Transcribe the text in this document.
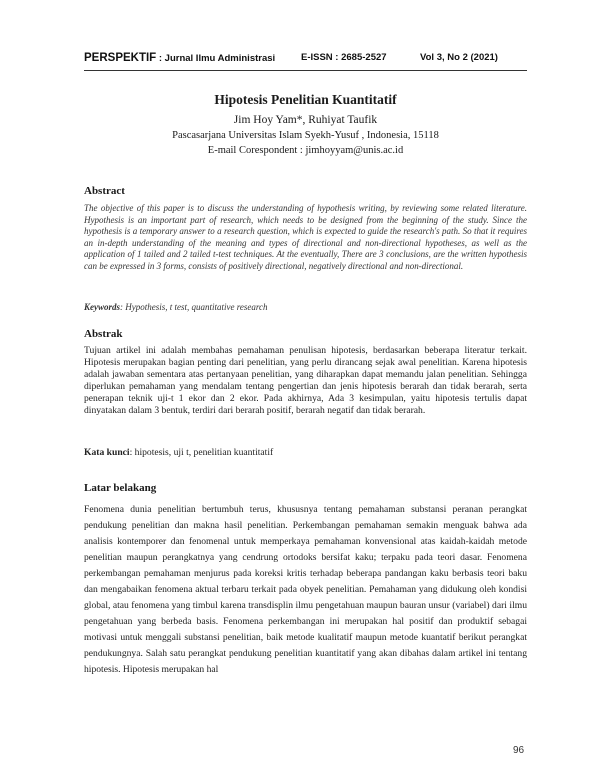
PERSPEKTIF : Jurnal Ilmu Administrasi	E-ISSN : 2685-2527	Vol 3, No 2 (2021)
Hipotesis Penelitian Kuantitatif
Jim Hoy Yam*, Ruhiyat Taufik
Pascasarjana Universitas Islam Syekh-Yusuf , Indonesia, 15118
E-mail Corespondent : jimhoyyam@unis.ac.id
Abstract
The objective of this paper is to discuss the understanding of hypothesis writing, by reviewing some related literature. Hypothesis is an important part of research, which needs to be designed from the beginning of the study. Since the hypothesis is a temporary answer to a research question, which is expected to guide the research's path. So that it requires an in-depth understanding of the meaning and types of directional and non-directional hypotheses, as well as the application of 1 tailed and 2 tailed t-test techniques. At the eventually, There are 3 conclusions, are the written hypothesis can be expressed in 3 forms, consists of positively directional, negatively directional and non-directional.
Keywords: Hypothesis, t test, quantitative research
Abstrak
Tujuan artikel ini adalah membahas pemahaman penulisan hipotesis, berdasarkan beberapa literatur terkait. Hipotesis merupakan bagian penting dari penelitian, yang perlu dirancang sejak awal penelitian. Karena hipotesis adalah jawaban sementara atas pertanyaan penelitian, yang diharapkan dapat memandu jalan penelitian. Sehingga diperlukan pemahaman yang mendalam tentang pengertian dan jenis hipotesis berarah dan tidak berarah, serta penerapan teknik uji-t 1 ekor dan 2 ekor. Pada akhirnya, Ada 3 kesimpulan, yaitu hipotesis tertulis dapat dinyatakan dalam 3 bentuk, terdiri dari berarah positif, berarah negatif dan tidak berarah.
Kata kunci: hipotesis, uji t, penelitian kuantitatif
Latar belakang
Fenomena dunia penelitian bertumbuh terus, khususnya tentang pemahaman substansi peranan perangkat pendukung penelitian dan makna hasil penelitian. Perkembangan pemahaman semakin menguak bahwa ada analisis kontemporer dan fenomenal untuk memperkaya pemahaman konvensional atas kaidah-kaidah metode penelitian maupun perangkatnya yang cendrung ortodoks bersifat kaku; terpaku pada teori dasar. Fenomena perkembangan pemahaman menjurus pada koreksi kritis terhadap beberapa pandangan kaku berbasis teori baku dan mengabaikan fenomena aktual terbaru terkait pada obyek penelitian. Pemahaman yang didukung oleh kondisi global, atau fenomena yang timbul karena transdisplin ilmu pengetahuan maupun bauran unsur (variabel) dari ilmu pengetahuan yang berbeda basis. Fenomena perkembangan ini merupakan hal positif dan produktif sebagai motivasi untuk menggali substansi penelitian, baik metode kualitatif maupun metode kuantatif berikut perangkat pendukungnya. Salah satu perangkat pendukung penelitian kuantitatif yang akan dibahas dalam artikel ini tentang hipotesis. Hipotesis merupakan hal
96
